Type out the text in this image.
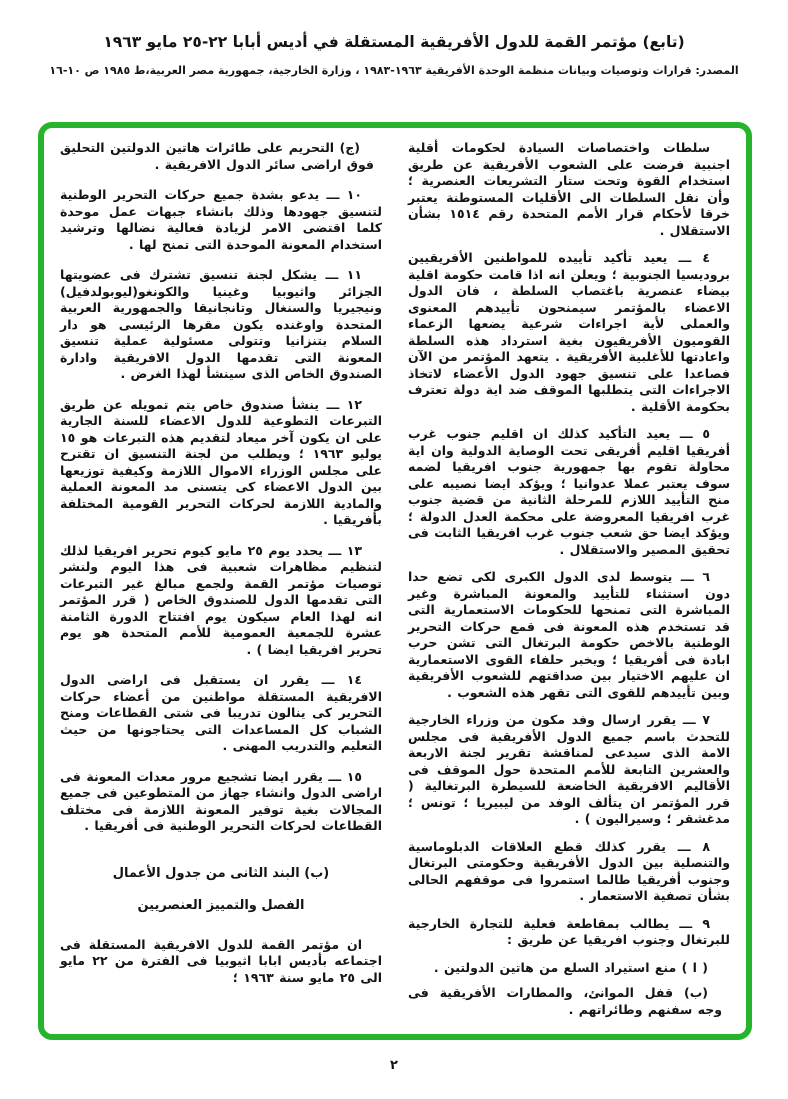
(تابع) مؤتمر القمة للدول الأفريقية المستقلة في أديس أبابا ٢٢-٢٥ مايو ١٩٦٣
المصدر: قرارات وتوصيات وبيانات منظمة الوحدة الأفريقية ١٩٦٣-١٩٨٣ ، وزارة الخارجية، جمهورية مصر العربية،ط ١٩٨٥ ص ١٠-١٦

سلطات واختصاصات السيادة لحكومات أقلية اجنبية فرضت على الشعوب الأفريقية عن طريق استخدام القوة وتحت ستار التشريعات العنصرية ؛ وأن نقل السلطات الى الأقليات المستوطنة يعتبر خرقا لأحكام قرار الأمم المتحدة رقم ١٥١٤ بشأن الاستقلال .

٤ ـــ يعيد تأكيد تأييده للمواطنين الأفريقيين بروديسيا الجنوبية ؛ ويعلن انه اذا قامت حكومة اقلية بيضاء عنصرية باغتصاب السلطة ، فان الدول الاعضاء بالمؤتمر سيمنحون تأييدهم المعنوى والعملى لأية اجراءات شرعية يضعها الزعماء القوميون الأفريقيون بغية استرداد هذه السلطة واعادتها للأغلبية الأفريقية . يتعهد المؤتمر من الآن فصاعدا على تنسيق جهود الدول الأعضاء لاتخاذ الاجراءات التى يتطلبها الموقف ضد اية دولة تعترف بحكومة الأقلية .

٥ ـــ يعيد التأكيد كذلك ان اقليم جنوب غرب أفريقيا اقليم أفريقى تحت الوصاية الدولية وان اية محاولة تقوم بها جمهورية جنوب افريقيا لضمه سوف يعتبر عملا عدوانيا ؛ ويؤكد ايضا نصيبه على منح التأييد اللازم للمرحلة الثانية من قضية جنوب غرب افريقيا المعروضة على محكمة العدل الدولة ؛ ويؤكد ايضا حق شعب جنوب غرب افريقيا الثابت فى تحقيق المصير والاستقلال .

٦ ـــ يتوسط لدى الدول الكبرى لكى تضع حدا دون استثناء للتأييد والمعونة المباشرة وغير المباشرة التى تمنحها للحكومات الاستعمارية التى قد تستخدم هذه المعونة فى قمع حركات التحرير الوطنية بالاخص حكومة البرتغال التى تشن حرب ابادة فى أفريقيا ؛ ويخبر حلفاء القوى الاستعمارية ان عليهم الاختيار بين صداقتهم للشعوب الأفريقية وبين تأييدهم للقوى التى تقهر هذه الشعوب .

٧ ـــ يقرر ارسال وفد مكون من وزراء الخارجية للتحدث باسم جميع الدول الأفريقية فى مجلس الامة الذى سيدعى لمناقشة تقرير لجنة الاربعة والعشرين التابعة للأمم المتحدة حول الموقف فى الأقاليم الافريقية الخاضعة للسيطرة البرتغالية ( قرر المؤتمر ان يتألف الوفد من ليبيريا ؛ تونس ؛ مدغشقر ؛ وسيراليون ) .

٨ ـــ يقرر كذلك قطع العلاقات الدبلوماسية والتنصلية بين الدول الأفريقية وحكومتى البرتغال وجنوب أفريقيا طالما استمروا فى موقفهم الحالى بشأن تصفية الاستعمار .

٩ ـــ يطالب بمقاطعة فعلية للتجارة الخارجية للبرتغال وجنوب افريقيا عن طريق :

( ا ) منع استيراد السلع من هاتين الدولتين .

(ب) قفل الموانئ، والمطارات الأفريقية فى وجه سفنهم وطائراتهم .

(ج) التحريم على طائرات هاتين الدولتين التحليق فوق اراضى سائر الدول الافريقية .

١٠ ـــ يدعو بشدة جميع حركات التحرير الوطنية لتنسيق جهودها وذلك بانشاء جبهات عمل موحدة كلما اقتضى الامر لزيادة فعالية نضالها وترشيد استخدام المعونة الموحدة التى تمنح لها .

١١ ـــ يشكل لجنة تنسيق تشترك فى عضويتها الجزائر واثيوبيا وغينيا والكونغو(ليوبولدفيل) ونيجيريا والسنغال وتانجانيقا والجمهورية العربية المتحدة واوغنده يكون مقرها الرئيسى هو دار السلام بتنزانيا وتتولى مسئولية عملية تنسيق المعونة التى تقدمها الدول الافريقية وادارة الصندوق الخاص الذى سينشأ لهذا الغرض .

١٢ ـــ ينشأ صندوق خاص يتم تمويله عن طريق التبرعات التطوعية للدول الاعضاء للسنة الجارية على ان يكون آخر ميعاد لتقديم هذه التبرعات هو ١٥ يوليو ١٩٦٣ ؛ ويطلب من لجنة التنسيق ان تقترح على مجلس الوزراء الاموال اللازمة وكيفية توزيعها بين الدول الاعضاء كى يتسنى مد المعونة العملية والمادية اللازمة لحركات التحرير القومية المختلفة بأفريقيا .

١٣ ـــ يحدد يوم ٢٥ مايو كيوم تحرير افريقيا لذلك لتنظيم مظاهرات شعبية فى هذا اليوم ولنشر توصيات مؤتمر القمة ولجمع مبالغ غير التبرعات التى تقدمها الدول للصندوق الخاص ( قرر المؤتمر انه لهذا العام سيكون يوم افتتاح الدورة الثامنة عشرة للجمعية العمومية للأمم المتحدة هو يوم تحرير افريقيا ايضا ) .

١٤ ـــ يقرر ان يستقبل فى اراضى الدول الافريقية المستقلة مواطنين من أعضاء حركات التحرير كى ينالون تدريبا فى شتى القطاعات ومنح الشباب كل المساعدات التى يحتاجونها من حيث التعليم والتدريب المهنى .

١٥ ـــ يقرر ايضا تشجيع مرور معدات المعونة فى اراضى الدول وانشاء جهاز من المتطوعين فى جميع المجالات بغية توفير المعونة اللازمة فى مختلف القطاعات لحركات التحرير الوطنية فى أفريقيا .

(ب) البند الثانى من جدول الأعمال
الفصل والتمييز العنصريين

ان مؤتمر القمة للدول الافريقية المستقلة فى اجتماعه بأديس ابابا اثيوبيا فى الفترة من ٢٢ مايو الى ٢٥ مايو سنة ١٩٦٣ ؛

٢
